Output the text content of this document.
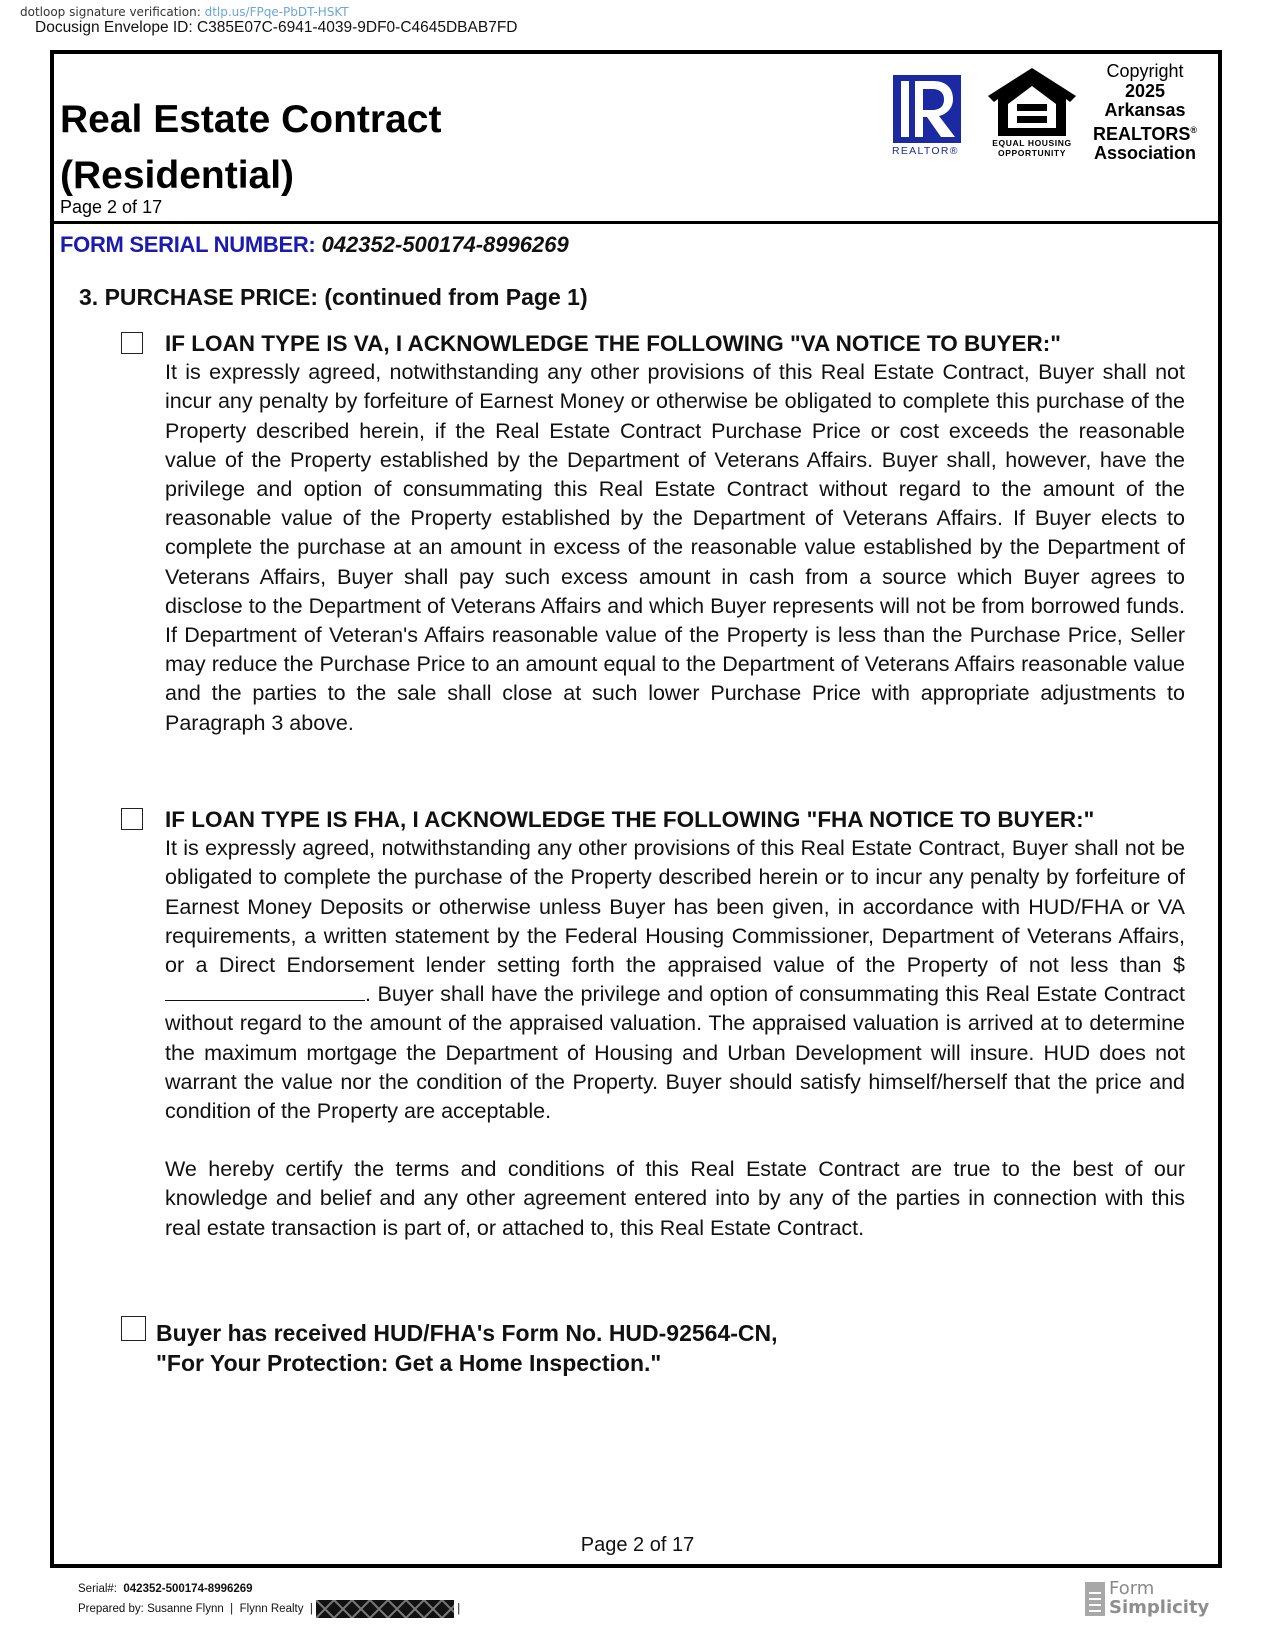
dotloop signature verification: dtlp.us/FPqe-PbDT-HSKT
Docusign Envelope ID: C385E07C-6941-4039-9DF0-C4645DBAB7FD
Real Estate Contract
(Residential)
Page 2 of 17
REALTOR®
EQUAL HOUSING
OPPORTUNITY
Copyright
2025
Arkansas
REALTORS®
Association
FORM SERIAL NUMBER: 042352-500174-8996269
3. PURCHASE PRICE: (continued from Page 1)
IF LOAN TYPE IS VA, I ACKNOWLEDGE THE FOLLOWING "VA NOTICE TO BUYER:"

It is expressly agreed, notwithstanding any other provisions of this Real Estate Contract, Buyer shall not incur any penalty by forfeiture of Earnest Money or otherwise be obligated to complete this purchase of the Property described herein, if the Real Estate Contract Purchase Price or cost exceeds the reasonable value of the Property established by the Department of Veterans Affairs. Buyer shall, however, have the privilege and option of consummating this Real Estate Contract without regard to the amount of the reasonable value of the Property established by the Department of Veterans Affairs. If Buyer elects to complete the purchase at an amount in excess of the reasonable value established by the Department of Veterans Affairs, Buyer shall pay such excess amount in cash from a source which Buyer agrees to disclose to the Department of Veterans Affairs and which Buyer represents will not be from borrowed funds. If Department of Veteran's Affairs reasonable value of the Property is less than the Purchase Price, Seller may reduce the Purchase Price to an amount equal to the Department of Veterans Affairs reasonable value and the parties to the sale shall close at such lower Purchase Price with appropriate adjustments to Paragraph 3 above.

IF LOAN TYPE IS FHA, I ACKNOWLEDGE THE FOLLOWING "FHA NOTICE TO BUYER:"

It is expressly agreed, notwithstanding any other provisions of this Real Estate Contract, Buyer shall not be obligated to complete the purchase of the Property described herein or to incur any penalty by forfeiture of Earnest Money Deposits or otherwise unless Buyer has been given, in accordance with HUD/FHA or VA requirements, a written statement by the Federal Housing Commissioner, Department of Veterans Affairs, or a Direct Endorsement lender setting forth the appraised value of the Property of not less than $. Buyer shall have the privilege and option of consummating this Real Estate Contract without regard to the amount of the appraised valuation. The appraised valuation is arrived at to determine the maximum mortgage the Department of Housing and Urban Development will insure. HUD does not warrant the value nor the condition of the Property. Buyer should satisfy himself/herself that the price and condition of the Property are acceptable.

We hereby certify the terms and conditions of this Real Estate Contract are true to the best of our knowledge and belief and any other agreement entered into by any of the parties in connection with this real estate transaction is part of, or attached to, this Real Estate Contract.

Buyer has received HUD/FHA's Form No. HUD-92564-CN,
"For Your Protection: Get a Home Inspection."
Page 2 of 17
Serial#: 042352-500174-8996269
Prepared by: Susanne Flynn | Flynn Realty |	|
Form
Simplicity
